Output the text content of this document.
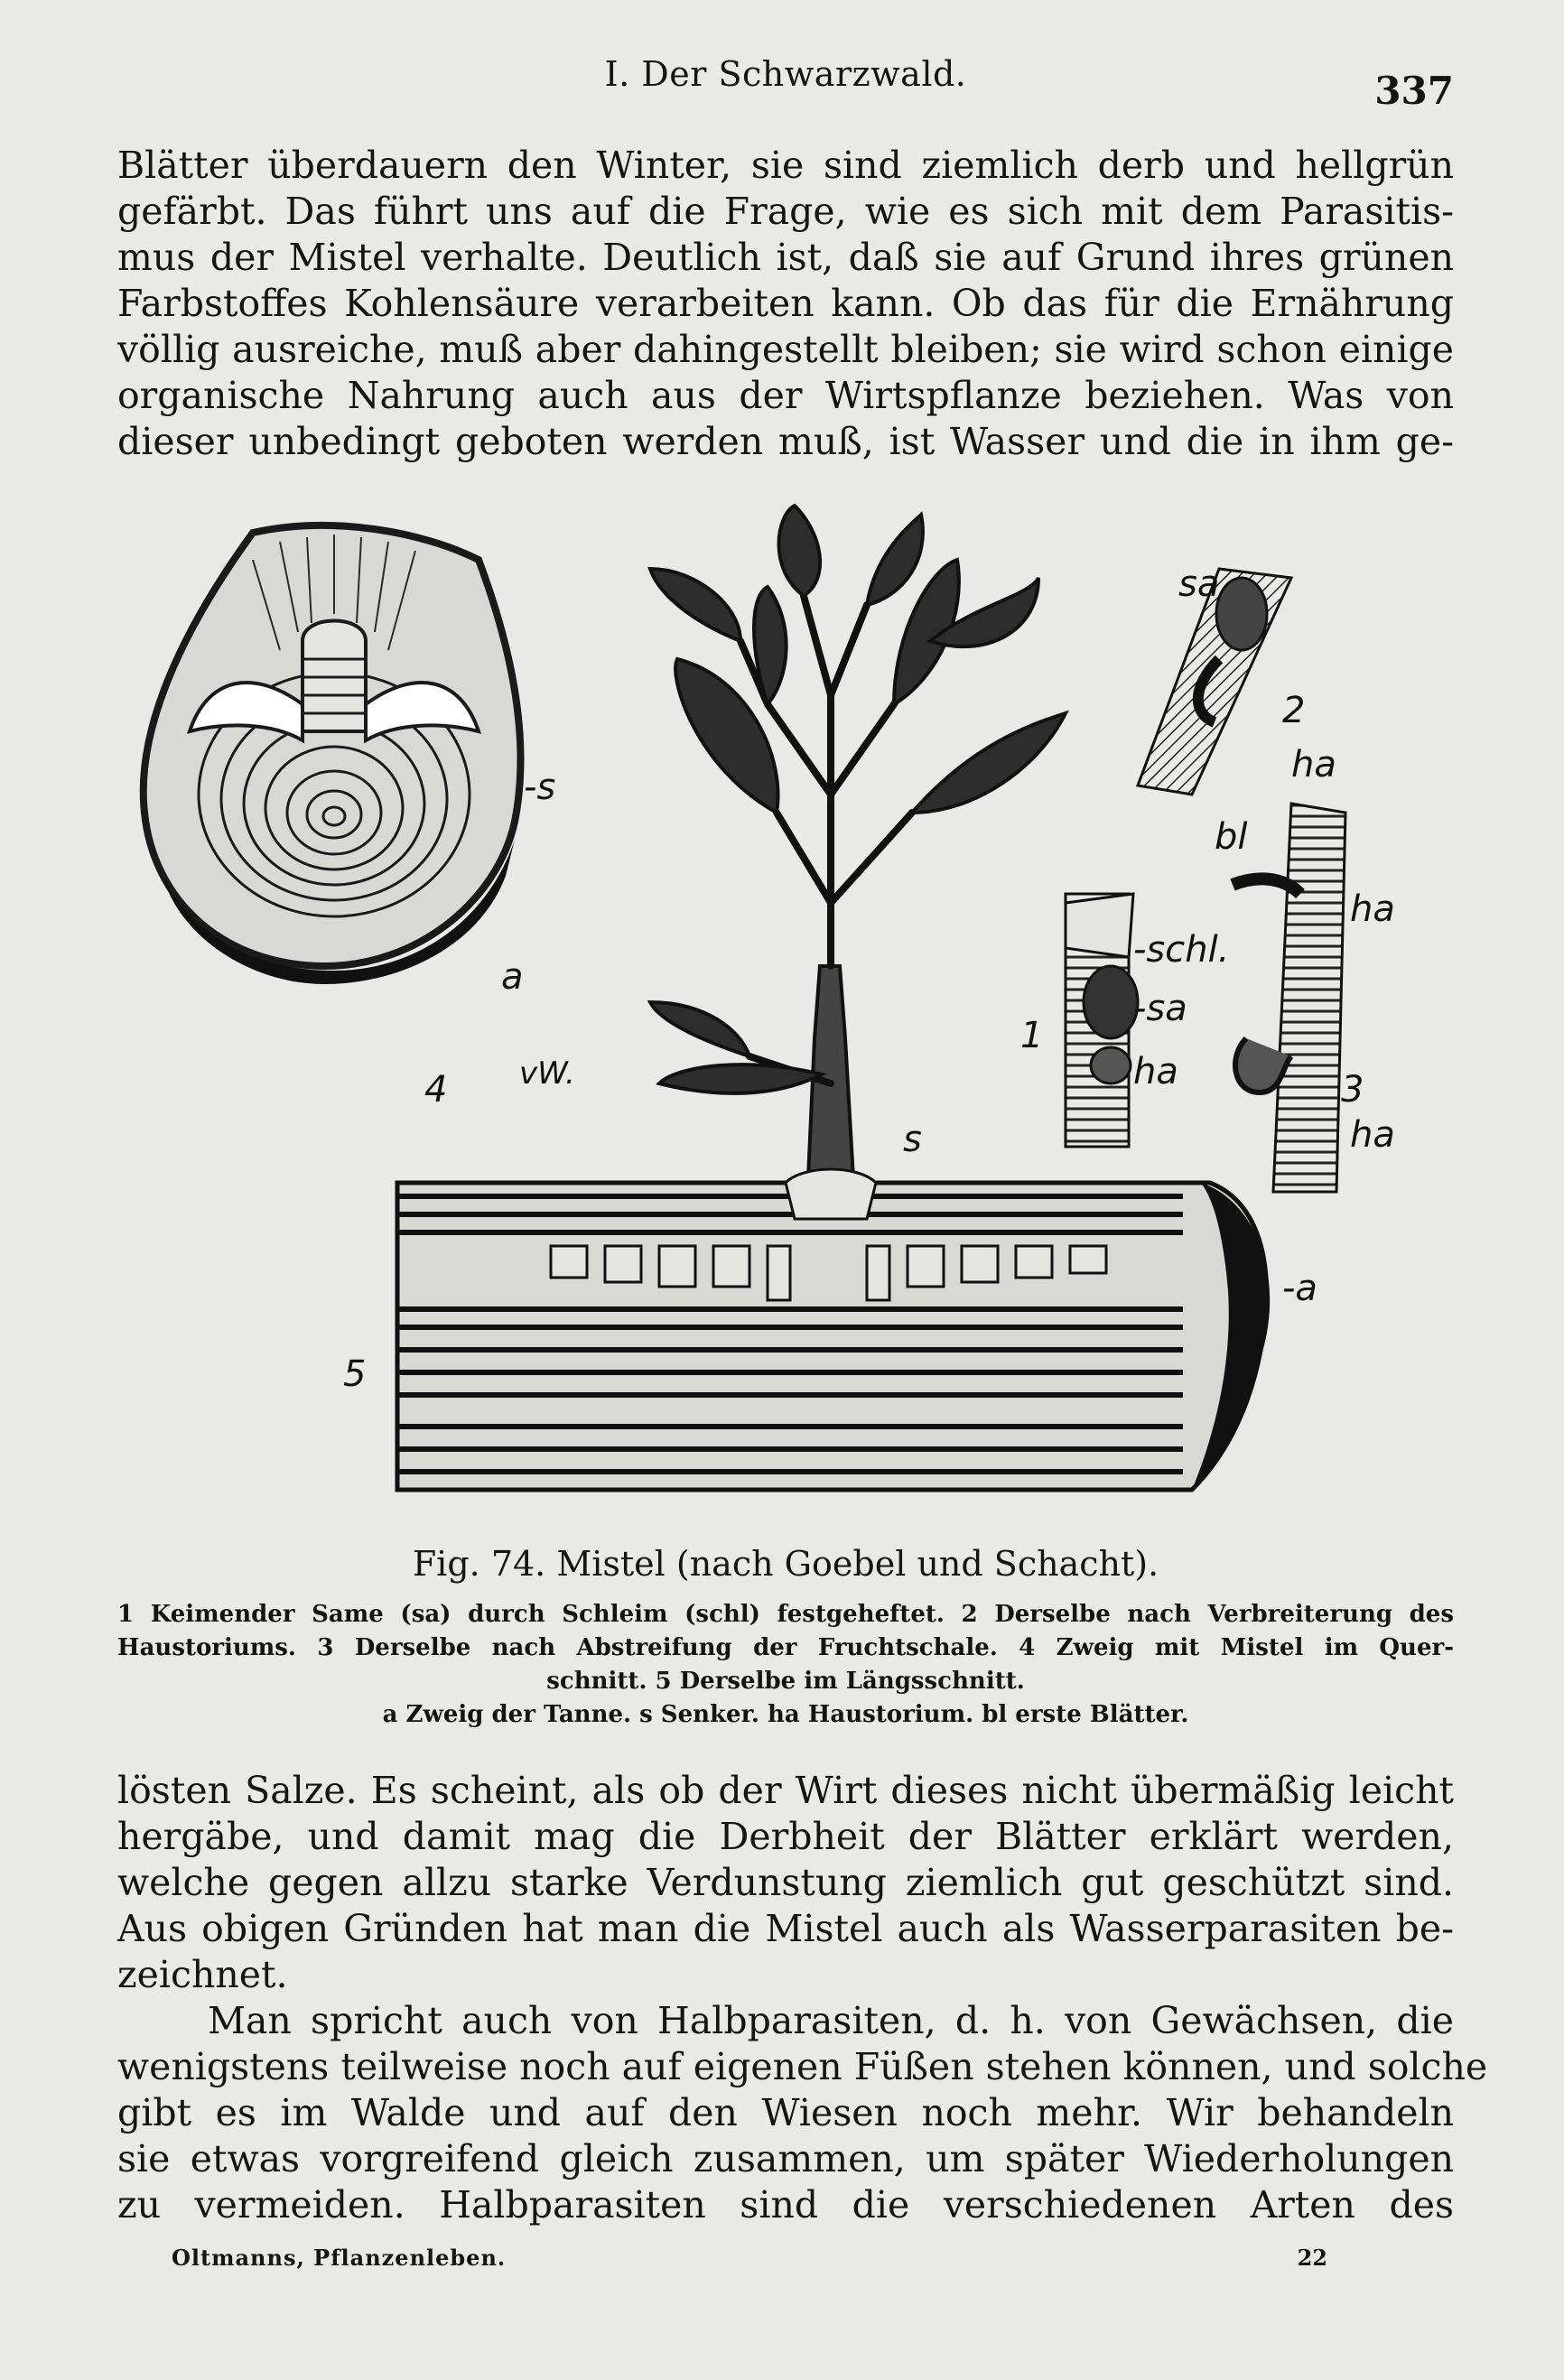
I. Der Schwarzwald.	337
Blätter überdauern den Winter, sie sind ziemlich derb und hellgrün
gefärbt. Das führt uns auf die Frage, wie es sich mit dem Parasitis-
mus der Mistel verhalte. Deutlich ist, daß sie auf Grund ihres grünen
Farbstoffes Kohlensäure verarbeiten kann. Ob das für die Ernährung
völlig ausreiche, muß aber dahingestellt bleiben; sie wird schon einige
organische Nahrung auch aus der Wirtspflanze beziehen. Was von
dieser unbedingt geboten werden muß, ist Wasser und die in ihm ge-
-s
a
4 vW.
-schl.
-sa
ha
1
sa
2
ha
bl
ha
3
ha
s
-a
5
Fig. 74. Mistel (nach Goebel und Schacht).
1 Keimender Same (sa) durch Schleim (schl) festgeheftet. 2 Derselbe nach Verbreiterung des
Haustoriums. 3 Derselbe nach Abstreifung der Fruchtschale. 4 Zweig mit Mistel im Quer-
schnitt. 5 Derselbe im Längsschnitt.
a Zweig der Tanne. s Senker. ha Haustorium. bl erste Blätter.
lösten Salze. Es scheint, als ob der Wirt dieses nicht übermäßig leicht
hergäbe, und damit mag die Derbheit der Blätter erklärt werden,
welche gegen allzu starke Verdunstung ziemlich gut geschützt sind.
Aus obigen Gründen hat man die Mistel auch als Wasserparasiten be-
zeichnet.
Man spricht auch von Halbparasiten, d. h. von Gewächsen, die
wenigstens teilweise noch auf eigenen Füßen stehen können, und solche
gibt es im Walde und auf den Wiesen noch mehr. Wir behandeln
sie etwas vorgreifend gleich zusammen, um später Wiederholungen
zu vermeiden. Halbparasiten sind die verschiedenen Arten des
Oltmanns, Pflanzenleben.	22
